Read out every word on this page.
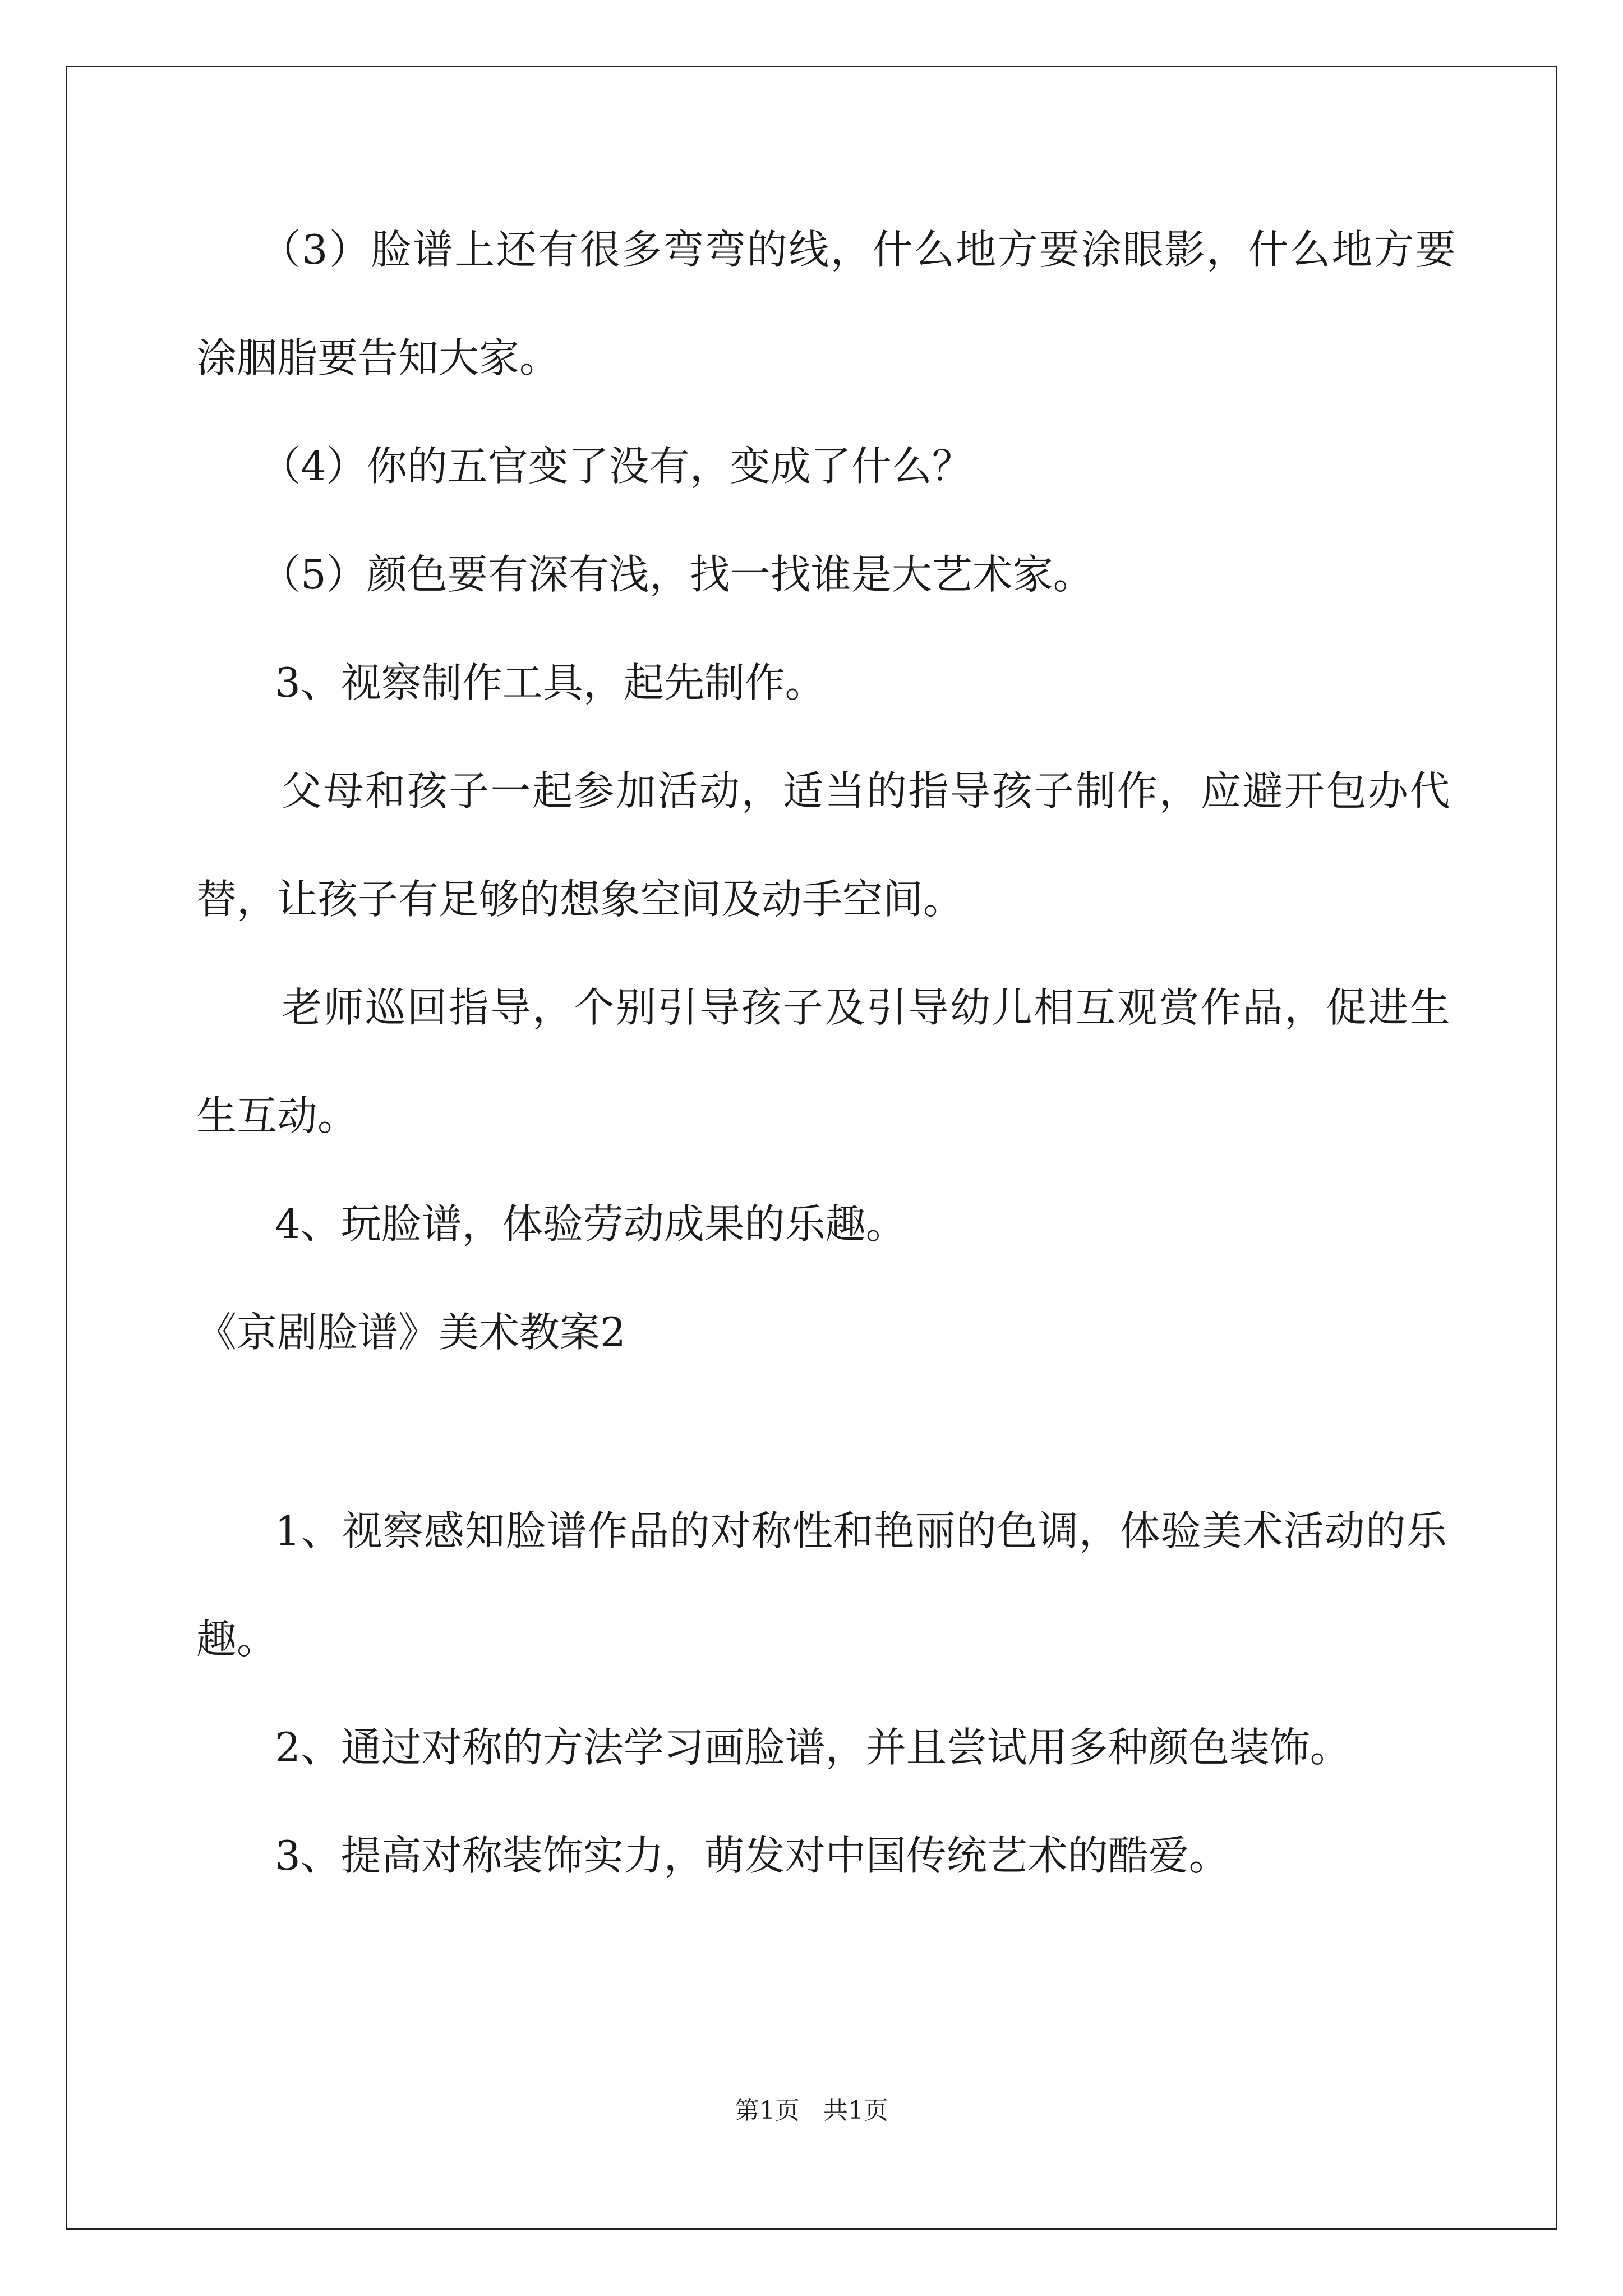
（3）脸谱上还有很多弯弯的线，什么地方要涂眼影，什么地方要
涂胭脂要告知大家。
（4）你的五官变了没有，变成了什么？
（5）颜色要有深有浅，找一找谁是大艺术家。
3、视察制作工具，起先制作。
父母和孩子一起参加活动，适当的指导孩子制作，应避开包办代
替，让孩子有足够的想象空间及动手空间。
老师巡回指导，个别引导孩子及引导幼儿相互观赏作品，促进生
生互动。
4、玩脸谱，体验劳动成果的乐趣。
《京剧脸谱》美术教案2
1、视察感知脸谱作品的对称性和艳丽的色调，体验美术活动的乐
趣。
2、通过对称的方法学习画脸谱，并且尝试用多种颜色装饰。
3、提高对称装饰实力，萌发对中国传统艺术的酷爱。
第1页   共1页
